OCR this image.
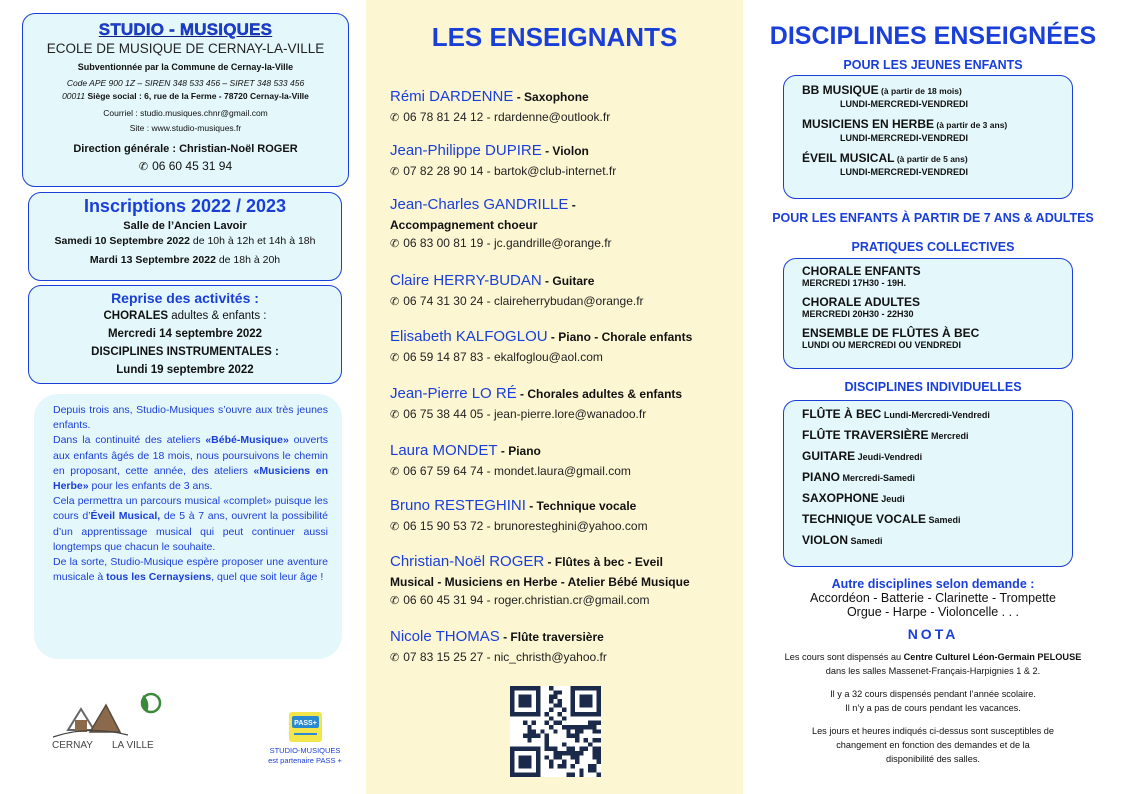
STUDIO - MUSIQUES
ECOLE DE MUSIQUE DE CERNAY-LA-VILLE
Subventionnée par la Commune de Cernay-la-Ville
Code APE 900 1Z – SIREN 348 533 456 – SIRET 348 533 456
00011 Siège social : 6, rue de la Ferme - 78720 Cernay-la-Ville
Courriel : studio.musiques.chnr@gmail.com
Site : www.studio-musiques.fr
Direction générale : Christian-Noël ROGER
✆ 06 60 45 31 94
Inscriptions 2022 / 2023
Salle de l’Ancien Lavoir
Samedi 10 Septembre 2022 de 10h à 12h et 14h à 18h
Mardi 13 Septembre 2022 de 18h à 20h
Reprise des activités :
CHORALES adultes & enfants :
Mercredi 14 septembre 2022
DISCIPLINES INSTRUMENTALES :
Lundi 19 septembre 2022

Depuis trois ans, Studio-Musiques s’ouvre aux très jeunes enfants.

Dans la continuité des ateliers «Bébé-Musique» ouverts aux enfants âgés de 18 mois, nous poursuivons le chemin en proposant, cette année, des ateliers «Musiciens en Herbe» pour les enfants de 3 ans.

Cela permettra un parcours musical «complet» puisque les cours d’Éveil Musical, de 5 à 7 ans, ouvrent la possibilité d’un apprentissage musical qui peut continuer aussi longtemps que chacun le souhaite.

De la sorte, Studio-Musique espère proposer une aventure musicale à tous les Cernaysiens, quel que soit leur âge !

CERNAY LA VILLE
PASS+
STUDIO-MUSIQUES
est partenaire PASS +
LES ENSEIGNANTS
Rémi DARDENNE - Saxophone
✆ 06 78 81 24 12 - rdardenne@outlook.fr
Jean-Philippe DUPIRE - Violon
✆ 07 82 28 90 14 - bartok@club-internet.fr
Jean-Charles GANDRILLE -
Accompagnement choeur
✆ 06 83 00 81 19 - jc.gandrille@orange.fr
Claire HERRY-BUDAN - Guitare
✆ 06 74 31 30 24 - claireherrybudan@orange.fr
Elisabeth KALFOGLOU - Piano - Chorale enfants
✆ 06 59 14 87 83 - ekalfoglou@aol.com
Jean-Pierre LO RÉ - Chorales adultes & enfants
✆ 06 75 38 44 05 - jean-pierre.lore@wanadoo.fr
Laura MONDET - Piano
✆ 06 67 59 64 74 - mondet.laura@gmail.com
Bruno RESTEGHINI - Technique vocale
✆ 06 15 90 53 72 - brunoresteghini@yahoo.com
Christian-Noël ROGER - Flûtes à bec - Eveil
Musical - Musiciens en Herbe - Atelier Bébé Musique
✆ 06 60 45 31 94 - roger.christian.cr@gmail.com
Nicole THOMAS - Flûte traversière
✆ 07 83 15 25 27 - nic_christh@yahoo.fr
DISCIPLINES ENSEIGNÉES
POUR LES JEUNES ENFANTS
BB MUSIQUE (à partir de 18 mois)
LUNDI-MERCREDI-VENDREDI
MUSICIENS EN HERBE (à partir de 3 ans)
LUNDI-MERCREDI-VENDREDI
ÉVEIL MUSICAL (à partir de 5 ans)
LUNDI-MERCREDI-VENDREDI
POUR LES ENFANTS À PARTIR DE 7 ANS & ADULTES
PRATIQUES COLLECTIVES
CHORALE ENFANTS
MERCREDI 17H30 - 19H.
CHORALE ADULTES
MERCREDI 20H30 - 22H30
ENSEMBLE DE FLÛTES À BEC
LUNDI OU MERCREDI OU VENDREDI
DISCIPLINES INDIVIDUELLES
FLÛTE À BEC Lundi-Mercredi-Vendredi
FLÛTE TRAVERSIÈRE Mercredi
GUITARE Jeudi-Vendredi
PIANO Mercredi-Samedi
SAXOPHONE Jeudi
TECHNIQUE VOCALE Samedi
VIOLON Samedi
Autre disciplines selon demande :
Accordéon - Batterie - Clarinette - Trompette
Orgue - Harpe - Violoncelle . . .
NOTA
Les cours sont dispensés au Centre Culturel Léon-Germain PELOUSE
dans les salles Massenet-Français-Harpignies 1 & 2.
Il y a 32 cours dispensés pendant l’année scolaire.
Il n’y a pas de cours pendant les vacances.
Les jours et heures indiqués ci-dessus sont susceptibles de
changement en fonction des demandes et de la
disponibilité des salles.
